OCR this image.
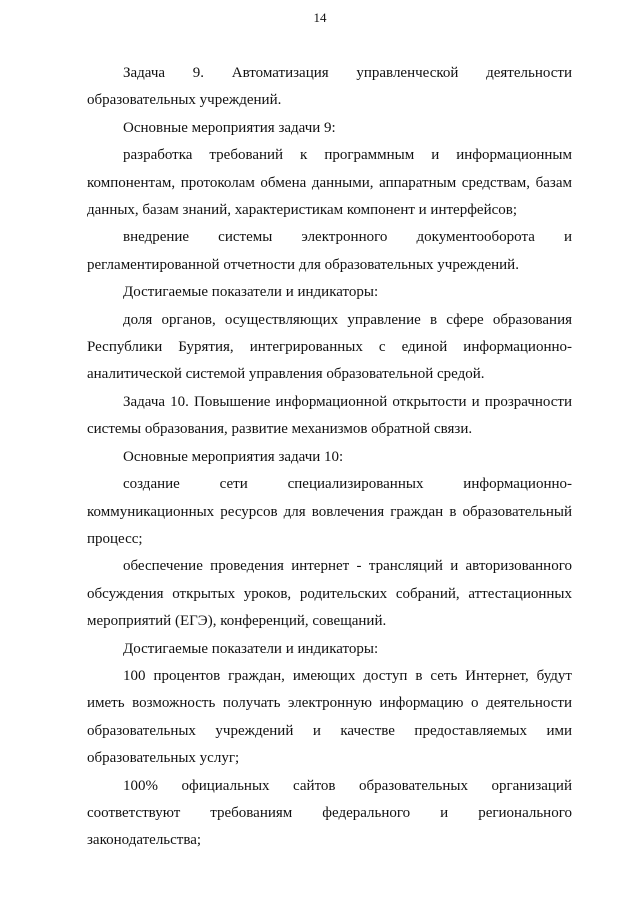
14

Задача 9. Автоматизация управленческой деятельности образовательных учреждений.

Основные мероприятия задачи 9:

разработка требований к программным и информационным компонентам, протоколам обмена данными, аппаратным средствам, базам данных, базам знаний, характеристикам компонент и интерфейсов;

внедрение системы электронного документооборота и регламентированной отчетности для образовательных учреждений.

Достигаемые показатели и индикаторы:

доля органов, осуществляющих управление в сфере образования Республики Бурятия, интегрированных с единой информационно-аналитической системой управления образовательной средой.

Задача 10. Повышение информационной открытости и прозрачности системы образования, развитие механизмов обратной связи.

Основные мероприятия задачи 10:

создание сети специализированных информационно-коммуникационных ресурсов для вовлечения граждан в образовательный процесс;

обеспечение проведения интернет - трансляций и авторизованного обсуждения открытых уроков, родительских собраний, аттестационных мероприятий (ЕГЭ), конференций, совещаний.

Достигаемые показатели и индикаторы:

100 процентов граждан, имеющих доступ в сеть Интернет, будут иметь возможность получать электронную информацию о деятельности образовательных учреждений и качестве предоставляемых ими образовательных услуг;

100% официальных сайтов образовательных организаций соответствуют требованиям федерального и регионального законодательства;
